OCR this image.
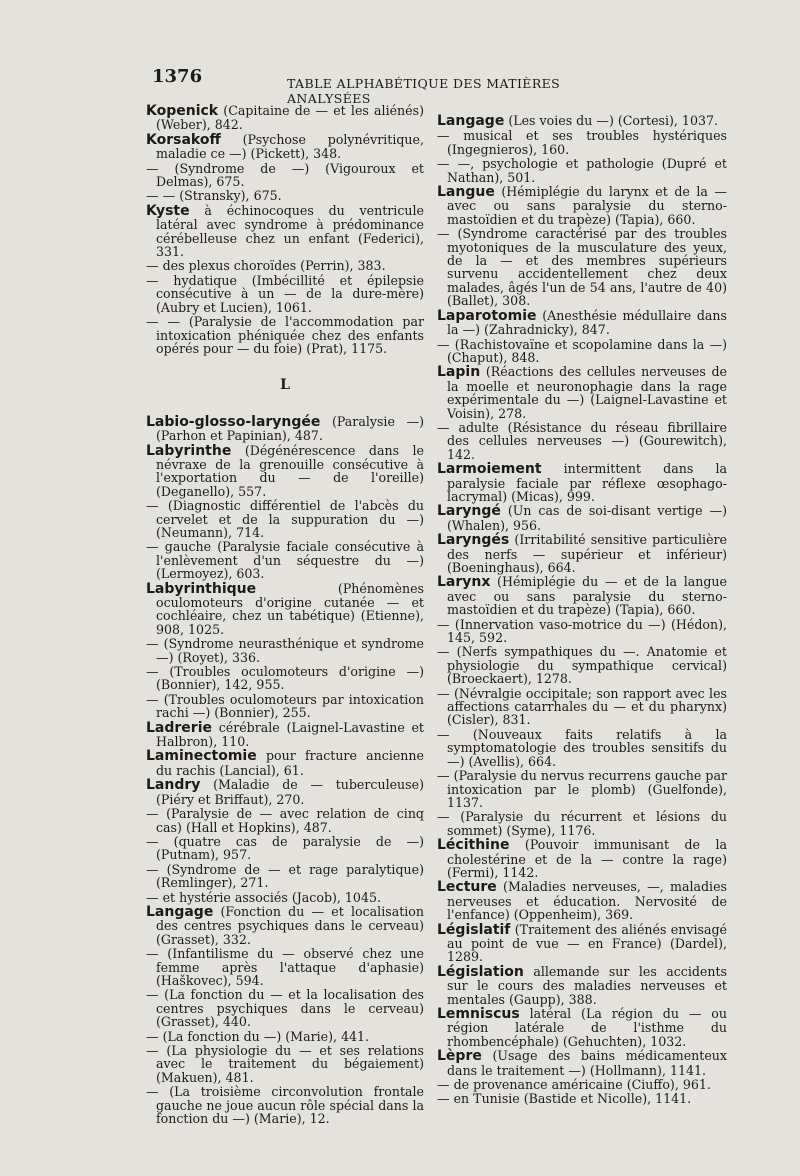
1376	TABLE ALPHABÉTIQUE DES MATIÈRES ANALYSÉES
Kopenick (Capitaine de — et les aliénés) (Weber), 842.
Korsakoff (Psychose polynévritique, maladie ce —) (Pickett), 348.
— (Syndrome de —) (Vigouroux et Delmas), 675.
— — (Stransky), 675.
Kyste à échinocoques du ventricule latéral avec syndrome à prédominance cérébelleuse chez un enfant (Federici), 331.
— des plexus choroïdes (Perrin), 383.
— hydatique (Imbécillité et épilepsie consécutive à un — de la dure-mère) (Aubry et Lucien), 1061.
— — (Paralysie de l'accommodation par intoxication phéniquée chez des enfants opérés pour — du foie) (Prat), 1175.
L
Labio-glosso-laryngée (Paralysie —) (Parhon et Papinian), 487.
Labyrinthe (Dégénérescence dans le névraxe de la grenouille consécutive à l'exportation du — de l'oreille) (Deganello), 557.
— (Diagnostic différentiel de l'abcès du cervelet et de la suppuration du —) (Neumann), 714.
— gauche (Paralysie faciale consécutive à l'enlèvement d'un séquestre du —) (Lermoyez), 603.
Labyrinthique (Phénomènes oculomoteurs d'origine cutanée — et cochléaire, chez un tabétique) (Etienne), 908, 1025.
— (Syndrome neurasthénique et syndrome —) (Royet), 336.
— (Troubles oculomoteurs d'origine —) (Bonnier), 142, 955.
— (Troubles oculomoteurs par intoxication rachi —) (Bonnier), 255.
Ladrerie cérébrale (Laignel-Lavastine et Halbron), 110.
Laminectomie pour fracture ancienne du rachis (Lancial), 61.
Landry (Maladie de — tuberculeuse) (Piéry et Briffaut), 270.
— (Paralysie de — avec relation de cinq cas) (Hall et Hopkins), 487.
— (quatre cas de paralysie de —) (Putnam), 957.
— (Syndrome de — et rage paralytique) (Remlinger), 271.
— et hystérie associés (Jacob), 1045.
Langage (Fonction du — et localisation des centres psychiques dans le cerveau) (Grasset), 332.
— (Infantilisme du — observé chez une femme après l'attaque d'aphasie) (Haškovec), 594.
— (La fonction du — et la localisation des centres psychiques dans le cerveau) (Grasset), 440.
— (La fonction du —) (Marie), 441.
— (La physiologie du — et ses relations avec le traitement du bégaiement) (Makuen), 481.
— (La troisième circonvolution frontale gauche ne joue aucun rôle spécial dans la fonction du —) (Marie), 12.
Langage (Les voies du —) (Cortesi), 1037.
— musical et ses troubles hystériques (Ingegnieros), 160.
— —, psychologie et pathologie (Dupré et Nathan), 501.
Langue (Hémiplégie du larynx et de la — avec ou sans paralysie du sterno-mastoïdien et du trapèze) (Tapia), 660.
— (Syndrome caractérisé par des troubles myotoniques de la musculature des yeux, de la — et des membres supérieurs survenu accidentellement chez deux malades, âgés l'un de 54 ans, l'autre de 40) (Ballet), 308.
Laparotomie (Anesthésie médullaire dans la —) (Zahradnicky), 847.
— (Rachistovaïne et scopolamine dans la —) (Chaput), 848.
Lapin (Réactions des cellules nerveuses de la moelle et neuronophagie dans la rage expérimentale du —) (Laignel-Lavastine et Voisin), 278.
— adulte (Résistance du réseau fibrillaire des cellules nerveuses —) (Gourewitch), 142.
Larmoiement intermittent dans la paralysie faciale par réflexe œsophago-lacrymal) (Micas), 999.
Laryngé (Un cas de soi-disant vertige —) (Whalen), 956.
Laryngés (Irritabilité sensitive particulière des nerfs — supérieur et inférieur) (Boeninghaus), 664.
Larynx (Hémiplégie du — et de la langue avec ou sans paralysie du sterno-mastoïdien et du trapèze) (Tapia), 660.
— (Innervation vaso-motrice du —) (Hédon), 145, 592.
— (Nerfs sympathiques du —. Anatomie et physiologie du sympathique cervical) (Broeckaert), 1278.
— (Névralgie occipitale; son rapport avec les affections catarrhales du — et du pharynx) (Cisler), 831.
— (Nouveaux faits relatifs à la symptomatologie des troubles sensitifs du —) (Avellis), 664.
— (Paralysie du nervus recurrens gauche par intoxication par le plomb) (Guelfonde), 1137.
— (Paralysie du récurrent et lésions du sommet) (Syme), 1176.
Lécithine (Pouvoir immunisant de la cholestérine et de la — contre la rage) (Fermi), 1142.
Lecture (Maladies nerveuses, —, maladies nerveuses et éducation. Nervosité de l'enfance) (Oppenheim), 369.
Législatif (Traitement des aliénés envisagé au point de vue — en France) (Dardel), 1289.
Législation allemande sur les accidents sur le cours des maladies nerveuses et mentales (Gaupp), 388.
Lemniscus latéral (La région du — ou région latérale de l'isthme du rhombencéphale) (Gehuchten), 1032.
Lèpre (Usage des bains médicamenteux dans le traitement —) (Hollmann), 1141.
— de provenance américaine (Ciuffo), 961.
— en Tunisie (Bastide et Nicolle), 1141.
